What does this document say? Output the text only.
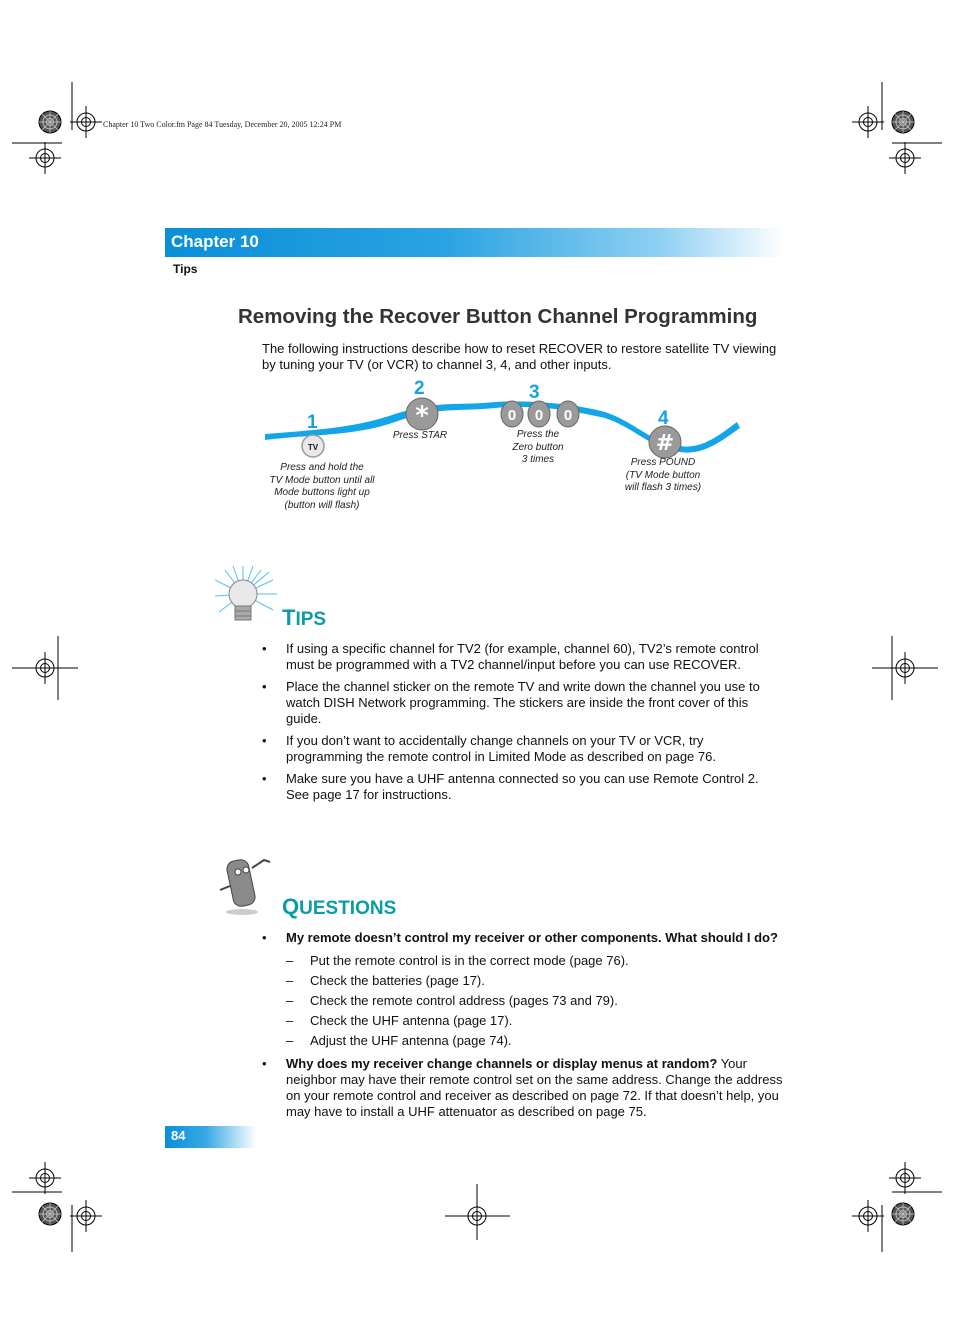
Chapter 10 Two Color.fm Page 84 Tuesday, December 20, 2005 12:24 PM
Chapter 10
Tips
Removing the Recover Button Channel Programming
The following instructions describe how to reset RECOVER to restore satellite TV viewing by tuning your TV (or VCR) to channel 3, 4, and other inputs.
TV
*	0 0 0
#
1
2	3
4
Press and hold the
TV Mode button until all
Mode buttons light up
(button will flash)
Press STAR	Press the
Zero button
3 times	Press POUND
(TV Mode button
will flash 3 times)
TIPS
• If using a specific channel for TV2 (for example, channel 60), TV2’s remote control must be programmed with a TV2 channel/input before you can use RECOVER.
• Place the channel sticker on the remote TV and write down the channel you use to watch DISH Network programming. The stickers are inside the front cover of this guide.
• If you don’t want to accidentally change channels on your TV or VCR, try programming the remote control in Limited Mode as described on page 76.
• Make sure you have a UHF antenna connected so you can use Remote Control 2. See page 17 for instructions.
QUESTIONS
• My remote doesn’t control my receiver or other components. What should I do?
– Put the remote control is in the correct mode (page 76).
– Check the batteries (page 17).
– Check the remote control address (pages 73 and 79).
– Check the UHF antenna (page 17).
– Adjust the UHF antenna (page 74).
• Why does my receiver change channels or display menus at random? Your neighbor may have their remote control set on the same address. Change the address on your remote control and receiver as described on page 72. If that doesn’t help, you may have to install a UHF attenuator as described on page 75.
84
